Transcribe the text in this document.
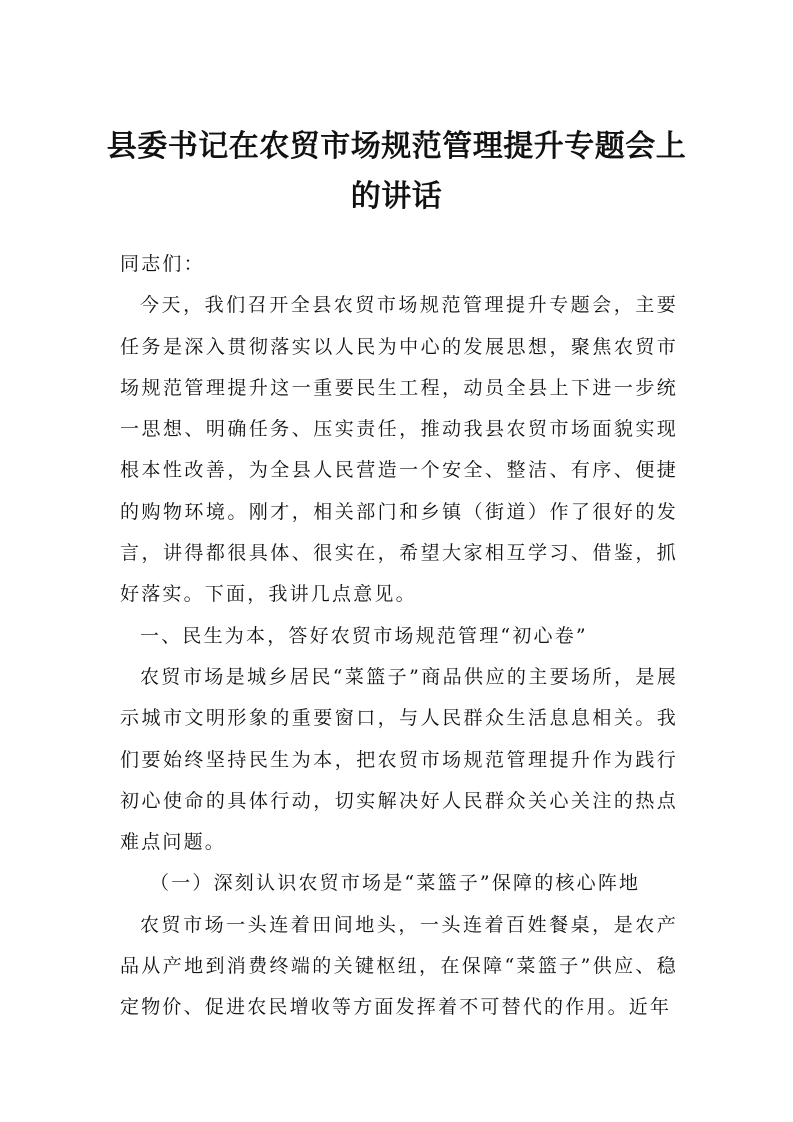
县委书记在农贸市场规范管理提升专题会上的讲话

同志们：

今天，我们召开全县农贸市场规范管理提升专题会，主要任务是深入贯彻落实以人民为中心的发展思想，聚焦农贸市场规范管理提升这一重要民生工程，动员全县上下进一步统一思想、明确任务、压实责任，推动我县农贸市场面貌实现根本性改善，为全县人民营造一个安全、整洁、有序、便捷的购物环境。刚才，相关部门和乡镇（街道）作了很好的发言，讲得都很具体、很实在，希望大家相互学习、借鉴，抓好落实。下面，我讲几点意见。

一、民生为本，答好农贸市场规范管理“初心卷”

农贸市场是城乡居民“菜篮子”商品供应的主要场所，是展示城市文明形象的重要窗口，与人民群众生活息息相关。我们要始终坚持民生为本，把农贸市场规范管理提升作为践行初心使命的具体行动，切实解决好人民群众关心关注的热点难点问题。

（一）深刻认识农贸市场是“菜篮子”保障的核心阵地

农贸市场一头连着田间地头，一头连着百姓餐桌，是农产品从产地到消费终端的关键枢纽，在保障“菜篮子”供应、稳定物价、促进农民增收等方面发挥着不可替代的作用。近年
